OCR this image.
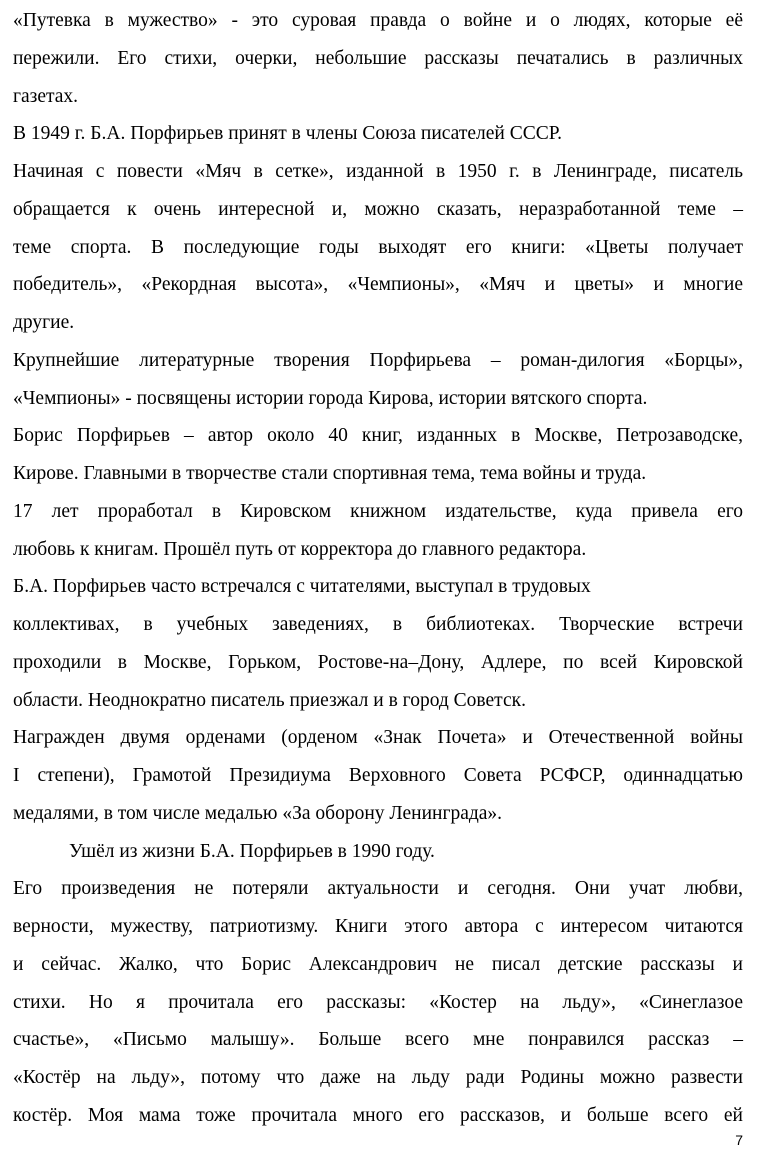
«Путевка в мужество» - это суровая правда о войне и о людях, которые её
пережили. Его стихи, очерки, небольшие рассказы печатались в различных
газетах.
В 1949 г. Б.А. Порфирьев принят в члены Союза писателей СССР.
Начиная с повести «Мяч в сетке», изданной в 1950 г. в Ленинграде, писатель
обращается к очень интересной и, можно сказать, неразработанной теме –
теме спорта. В последующие годы выходят его книги: «Цветы получает
победитель», «Рекордная высота», «Чемпионы», «Мяч и цветы» и многие
другие.
Крупнейшие литературные творения Порфирьева – роман-дилогия «Борцы»,
«Чемпионы» - посвящены истории города Кирова, истории вятского спорта.
Борис Порфирьев – автор около 40 книг, изданных в Москве, Петрозаводске,
Кирове. Главными в творчестве стали спортивная тема, тема войны и труда.
17 лет проработал в Кировском книжном издательстве, куда привела его
любовь к книгам. Прошёл путь от корректора до главного редактора.
Б.А. Порфирьев часто встречался с читателями, выступал в трудовых
коллективах, в учебных заведениях, в библиотеках. Творческие встречи
проходили в Москве, Горьком, Ростове-на–Дону, Адлере, по всей Кировской
области. Неоднократно писатель приезжал и в город Советск.
Награжден двумя орденами (орденом «Знак Почета» и Отечественной войны
I степени), Грамотой Президиума Верховного Совета РСФСР, одиннадцатью
медалями, в том числе медалью «За оборону Ленинграда».
Ушёл из жизни Б.А. Порфирьев в 1990 году.
Его произведения не потеряли актуальности и сегодня. Они учат любви,
верности, мужеству, патриотизму. Книги этого автора с интересом читаются
и сейчас. Жалко, что Борис Александрович не писал детские рассказы и
стихи. Но я прочитала его рассказы: «Костер на льду», «Синеглазое
счастье», «Письмо малышу». Больше всего мне понравился рассказ –
«Костёр на льду», потому что даже на льду ради Родины можно развести
костёр. Моя мама тоже прочитала много его рассказов, и больше всего ей
7
